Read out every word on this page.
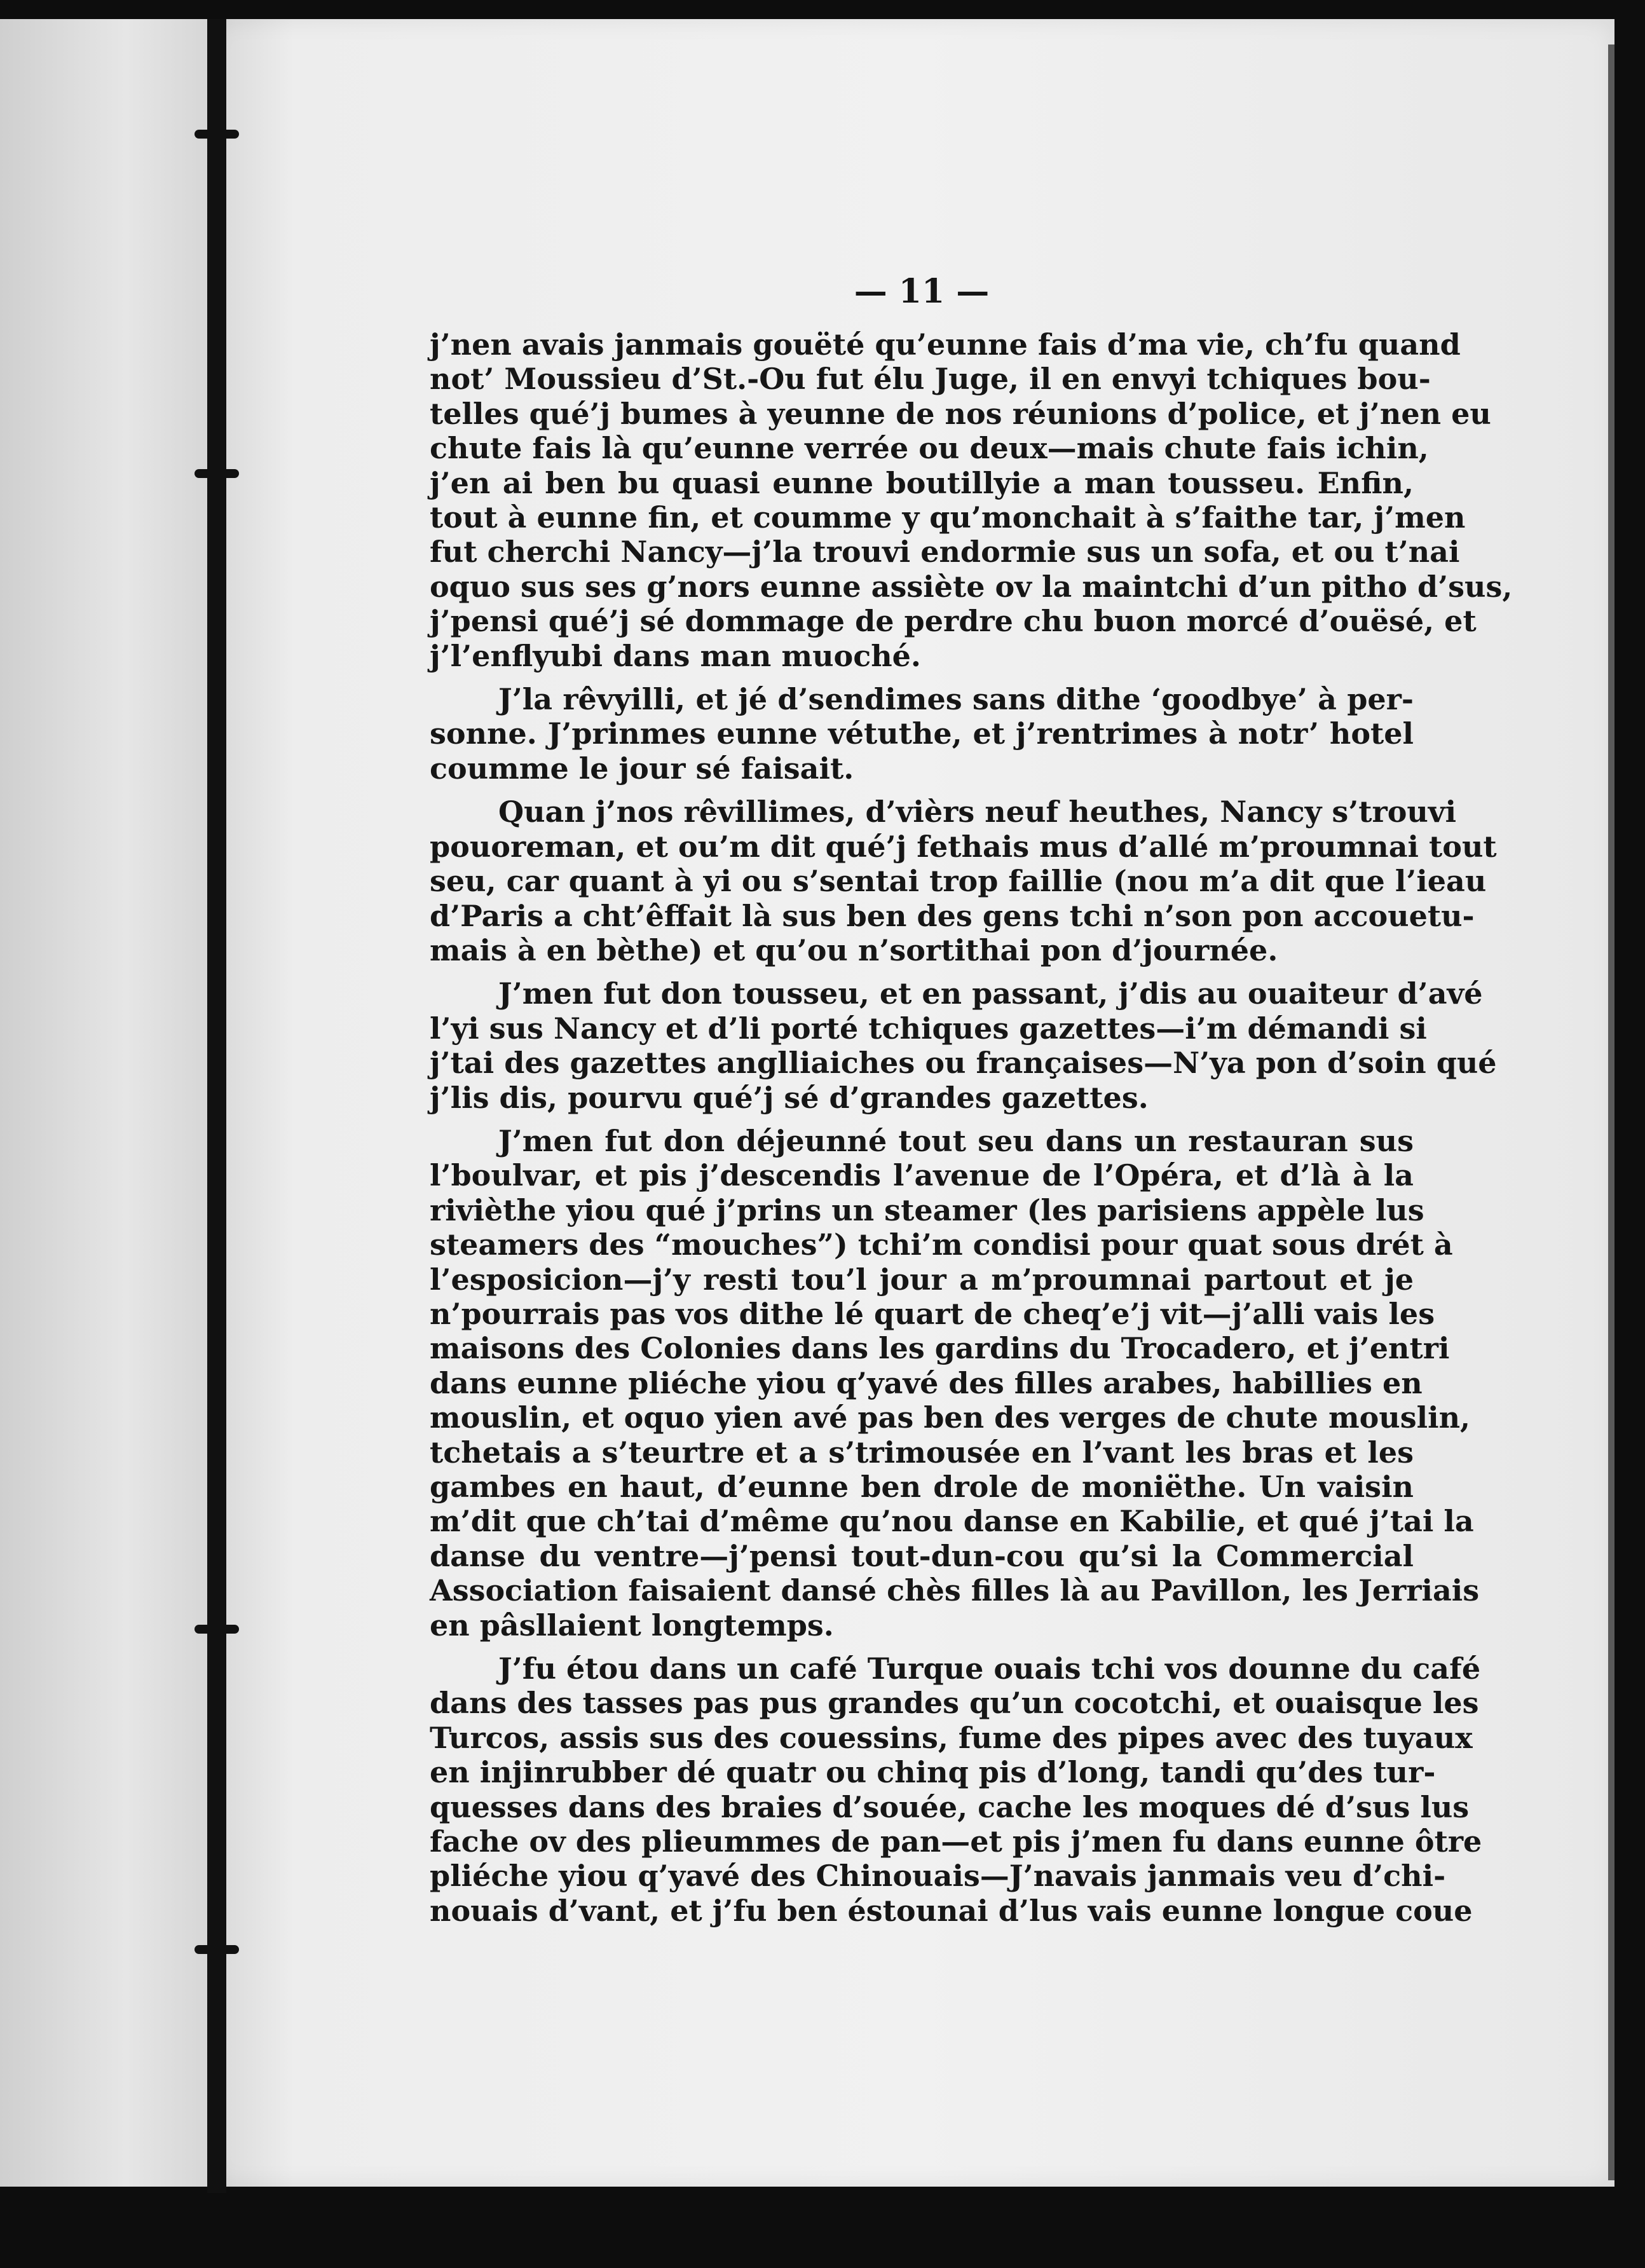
— 11 —
j’nen avais janmais gouëté qu’eunne fais d’ma vie, ch’fu quand
not’ Moussieu d’St.-Ou fut élu Juge, il en envyi tchiques bou-
telles qué’j bumes à yeunne de nos réunions d’police, et j’nen eu
chute fais là qu’eunne verrée ou deux—mais chute fais ichin,
j’en ai ben bu quasi eunne boutillyie a man tousseu. Enfin,
tout à eunne fin, et coumme y qu’monchait à s’faithe tar, j’men
fut cherchi Nancy—j’la trouvi endormie sus un sofa, et ou t’nai
oquo sus ses g’nors eunne assiète ov la maintchi d’un pitho d’sus,
j’pensi qué’j sé dommage de perdre chu buon morcé d’ouësé, et
j’l’enflyubi dans man muoché.
J’la rêvyilli, et jé d’sendimes sans dithe ‘goodbye’ à per-
sonne. J’prinmes eunne vétuthe, et j’rentrimes à notr’ hotel
coumme le jour sé faisait.
Quan j’nos rêvillimes, d’vièrs neuf heuthes, Nancy s’trouvi
pouoreman, et ou’m dit qué’j fethais mus d’allé m’proumnai tout
seu, car quant à yi ou s’sentai trop faillie (nou m’a dit que l’ieau
d’Paris a cht’êffait là sus ben des gens tchi n’son pon accouetu-
mais à en bèthe) et qu’ou n’sortithai pon d’journée.
J’men fut don tousseu, et en passant, j’dis au ouaiteur d’avé
l’yi sus Nancy et d’li porté tchiques gazettes—i’m démandi si
j’tai des gazettes anglliaiches ou françaises—N’ya pon d’soin qué
j’lis dis, pourvu qué’j sé d’grandes gazettes.
J’men fut don déjeunné tout seu dans un restauran sus
l’boulvar, et pis j’descendis l’avenue de l’Opéra, et d’là à la
rivièthe yiou qué j’prins un steamer (les parisiens appèle lus
steamers des “mouches”) tchi’m condisi pour quat sous drét à
l’esposicion—j’y resti tou’l jour a m’proumnai partout et je
n’pourrais pas vos dithe lé quart de cheq’e’j vit—j’alli vais les
maisons des Colonies dans les gardins du Trocadero, et j’entri
dans eunne pliéche yiou q’yavé des filles arabes, habillies en
mouslin, et oquo yien avé pas ben des verges de chute mouslin,
tchetais a s’teurtre et a s’trimousée en l’vant les bras et les
gambes en haut, d’eunne ben drole de moniëthe. Un vaisin
m’dit que ch’tai d’même qu’nou danse en Kabilie, et qué j’tai la
danse du ventre—j’pensi tout-dun-cou qu’si la Commercial
Association faisaient dansé chès filles là au Pavillon, les Jerriais
en pâsllaient longtemps.
J’fu étou dans un café Turque ouais tchi vos dounne du café
dans des tasses pas pus grandes qu’un cocotchi, et ouaisque les
Turcos, assis sus des couessins, fume des pipes avec des tuyaux
en injinrubber dé quatr ou chinq pis d’long, tandi qu’des tur-
quesses dans des braies d’souée, cache les moques dé d’sus lus
fache ov des plieummes de pan—et pis j’men fu dans eunne ôtre
pliéche yiou q’yavé des Chinouais—J’navais janmais veu d’chi-
nouais d’vant, et j’fu ben éstounai d’lus vais eunne longue coue
